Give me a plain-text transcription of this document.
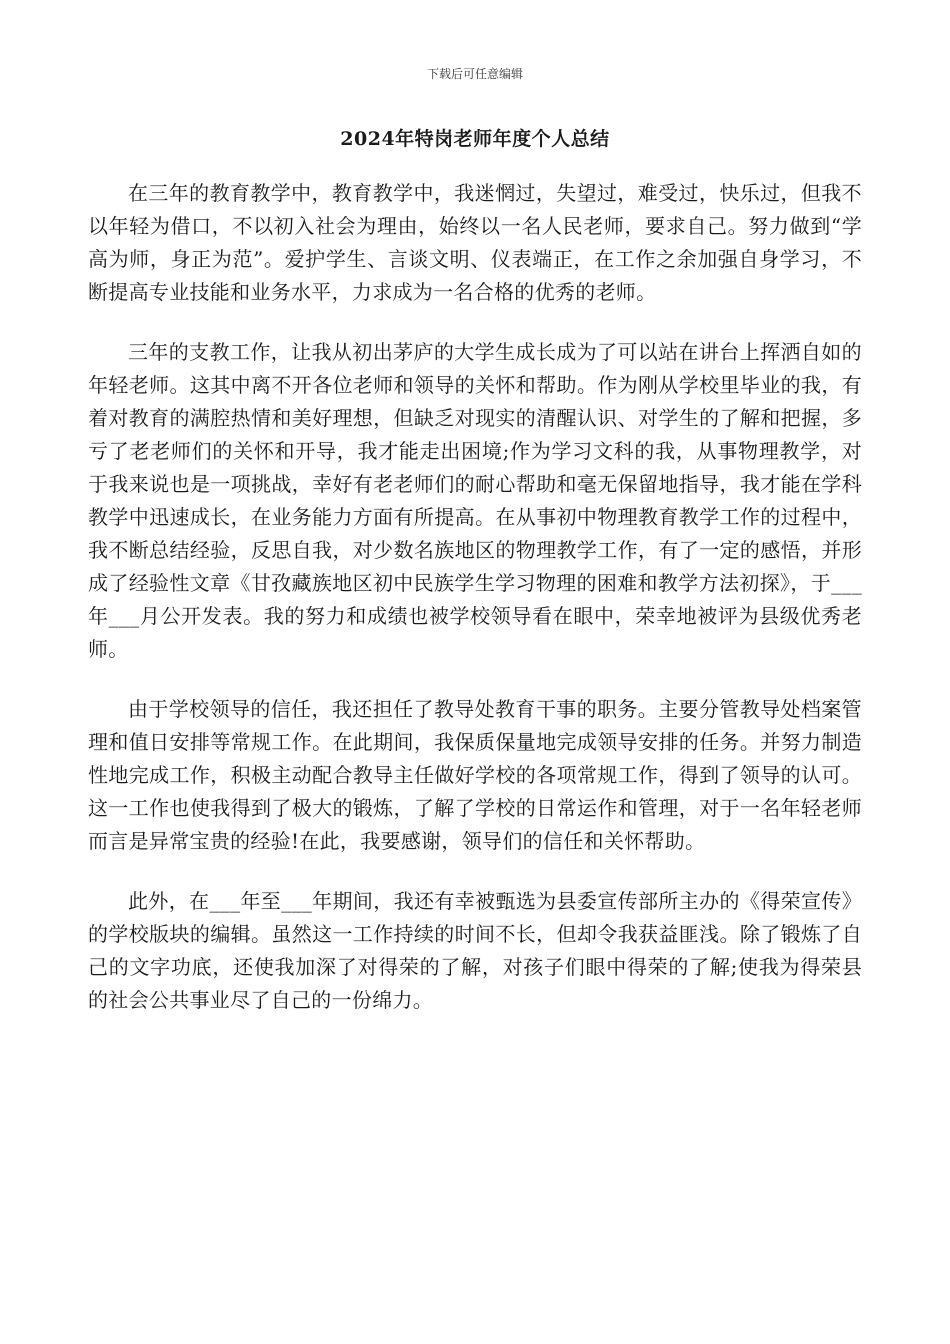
下载后可任意编辑
2024年特岗老师年度个人总结

在三年的教育教学中，教育教学中，我迷惘过，失望过，难受过，快乐过，但我不以年轻为借口，不以初入社会为理由，始终以一名人民老师，要求自己。努力做到“学高为师，身正为范”。爱护学生、言谈文明、仪表端正，在工作之余加强自身学习，不断提高专业技能和业务水平，力求成为一名合格的优秀的老师。

三年的支教工作，让我从初出茅庐的大学生成长成为了可以站在讲台上挥洒自如的年轻老师。这其中离不开各位老师和领导的关怀和帮助。作为刚从学校里毕业的我，有着对教育的满腔热情和美好理想，但缺乏对现实的清醒认识、对学生的了解和把握，多亏了老老师们的关怀和开导，我才能走出困境;作为学习文科的我，从事物理教学，对于我来说也是一项挑战，幸好有老老师们的耐心帮助和毫无保留地指导，我才能在学科教学中迅速成长，在业务能力方面有所提高。在从事初中物理教育教学工作的过程中，我不断总结经验，反思自我，对少数名族地区的物理教学工作，有了一定的感悟，并形成了经验性文章《甘孜藏族地区初中民族学生学习物理的困难和教学方法初探》，于___年___月公开发表。我的努力和成绩也被学校领导看在眼中，荣幸地被评为县级优秀老师。

由于学校领导的信任，我还担任了教导处教育干事的职务。主要分管教导处档案管理和值日安排等常规工作。在此期间，我保质保量地完成领导安排的任务。并努力制造性地完成工作，积极主动配合教导主任做好学校的各项常规工作，得到了领导的认可。这一工作也使我得到了极大的锻炼，了解了学校的日常运作和管理，对于一名年轻老师而言是异常宝贵的经验!在此，我要感谢，领导们的信任和关怀帮助。

此外，在___年至___年期间，我还有幸被甄选为县委宣传部所主办的《得荣宣传》的学校版块的编辑。虽然这一工作持续的时间不长，但却令我获益匪浅。除了锻炼了自己的文字功底，还使我加深了对得荣的了解，对孩子们眼中得荣的了解;使我为得荣县的社会公共事业尽了自己的一份绵力。
